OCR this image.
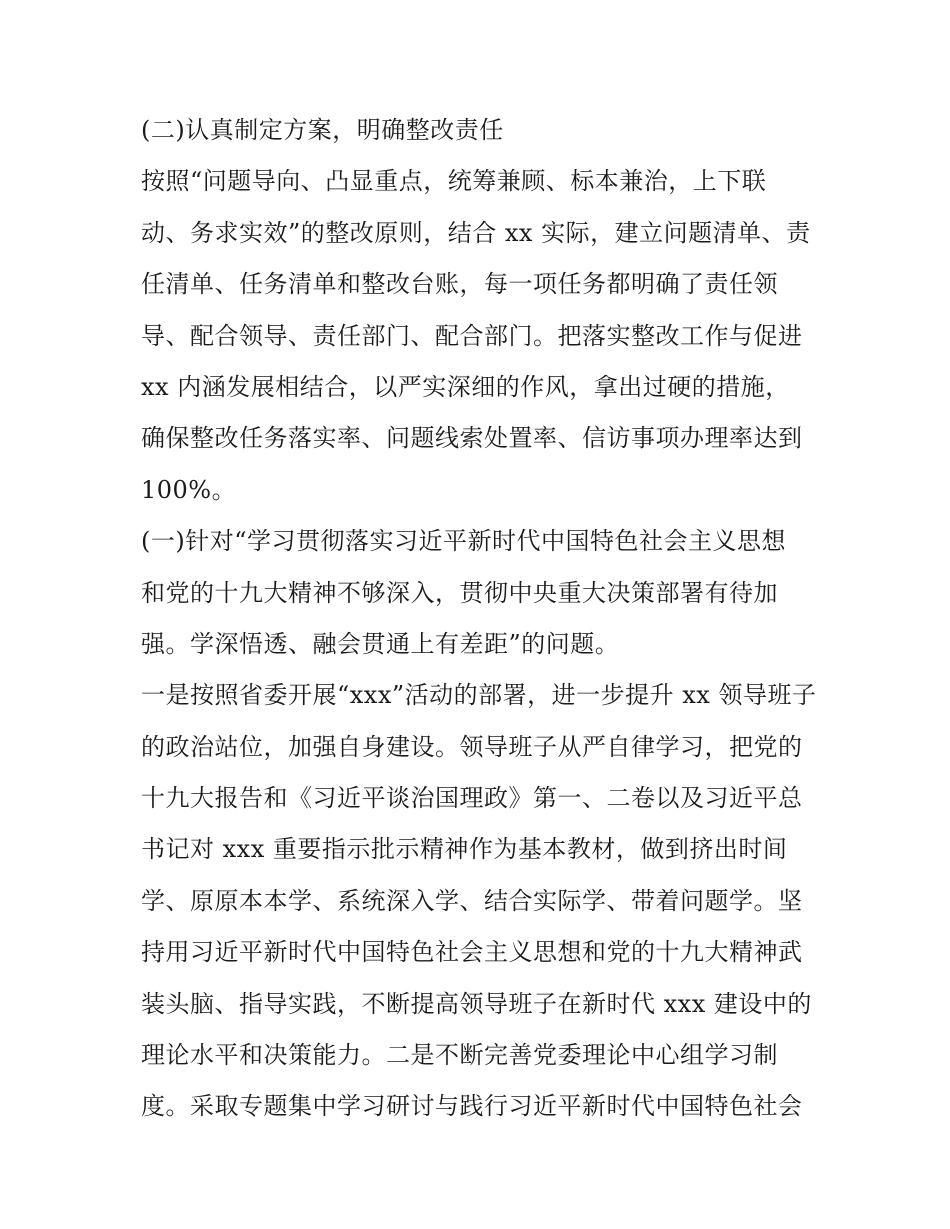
(二)认真制定方案，明确整改责任
按照“问题导向、凸显重点，统筹兼顾、标本兼治，上下联
动、务求实效”的整改原则，结合 xx 实际，建立问题清单、责
任清单、任务清单和整改台账，每一项任务都明确了责任领
导、配合领导、责任部门、配合部门。把落实整改工作与促进
xx 内涵发展相结合，以严实深细的作风，拿出过硬的措施，
确保整改任务落实率、问题线索处置率、信访事项办理率达到
100%。
(一)针对“学习贯彻落实习近平新时代中国特色社会主义思想
和党的十九大精神不够深入，贯彻中央重大决策部署有待加
强。学深悟透、融会贯通上有差距”的问题。
一是按照省委开展“xxx”活动的部署，进一步提升 xx 领导班子
的政治站位，加强自身建设。领导班子从严自律学习，把党的
十九大报告和《习近平谈治国理政》第一、二卷以及习近平总
书记对 xxx 重要指示批示精神作为基本教材，做到挤出时间
学、原原本本学、系统深入学、结合实际学、带着问题学。坚
持用习近平新时代中国特色社会主义思想和党的十九大精神武
装头脑、指导实践，不断提高领导班子在新时代 xxx 建设中的
理论水平和决策能力。二是不断完善党委理论中心组学习制
度。采取专题集中学习研讨与践行习近平新时代中国特色社会
